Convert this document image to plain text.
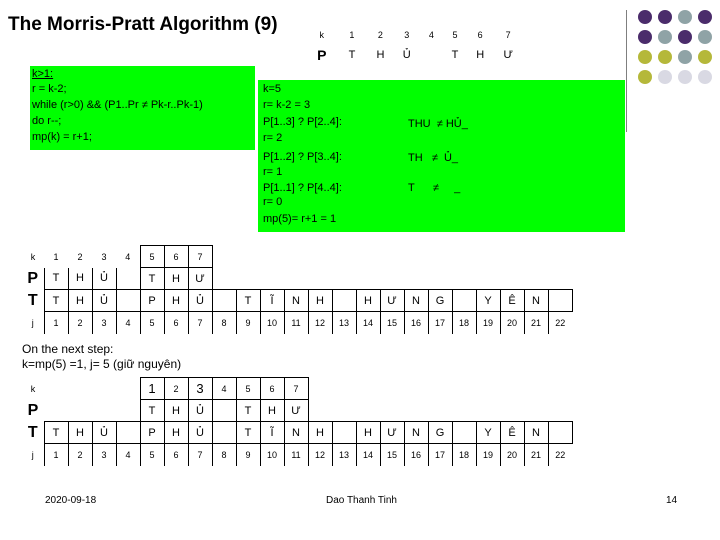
The Morris-Pratt Algorithm (9)	k	1	2	3	4	5	6	7
P	T	H	Ủ		T	H	Ư
k>1:
r = k-2;
while (r>0) && (P1..Pr ≠ Pk-r..Pk-1)
do r--;
mp(k) = r+1;
k=5
r= k-2 = 3
P[1..3] ? P[2..4]:
r= 2
P[1..2] ? P[3..4]:
r= 1
P[1..1] ? P[4..4]:
r= 0
mp(5)= r+1 = 1
THU  ≠ HỦ_
TH   ≠  Ủ_
T      ≠     _
k	1	2	3	4	5	6	7															
P	T	H	Ủ		T	H	Ư															
T	T	H	Ủ		P	H	Ủ		T	Ĩ	N	H		H	Ư	N	G		Y	Ê	N	
j	1	2	3	4	5	6	7	8	9	10	11	12	13	14	15	16	17	18	19	20	21	22
On the next step:
k=mp(5) =1, j= 5 (giữ nguyên)
k					1	2	3	4	5	6	7											
P					T	H	Ủ		T	H	Ư											
T	T	H	Ủ		P	H	Ủ		T	Ĩ	N	H		H	Ư	N	G		Y	Ê	N	
j	1	2	3	4	5	6	7	8	9	10	11	12	13	14	15	16	17	18	19	20	21	22
2020-09-18	Dao Thanh Tinh	14
